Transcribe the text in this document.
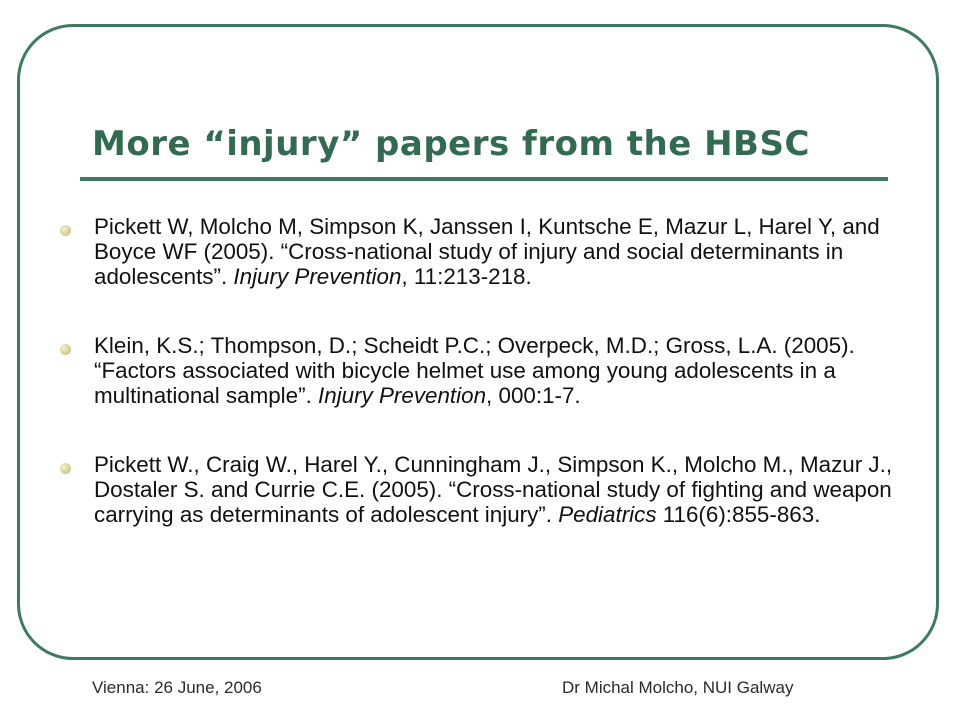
More “injury” papers from the HBSC
Pickett W, Molcho M, Simpson K, Janssen I, Kuntsche E, Mazur L, Harel Y, and Boyce WF (2005). “Cross-national study of injury and social determinants in adolescents”. Injury Prevention, 11:213-218.
Klein, K.S.; Thompson, D.; Scheidt P.C.; Overpeck, M.D.; Gross, L.A. (2005). “Factors associated with bicycle helmet use among young adolescents in a multinational sample”. Injury Prevention, 000:1-7.
Pickett W., Craig W., Harel Y., Cunningham J., Simpson K., Molcho M., Mazur J., Dostaler S. and Currie C.E. (2005). “Cross-national study of fighting and weapon carrying as determinants of adolescent injury”. Pediatrics 116(6):855-863.
Vienna: 26 June, 2006	Dr Michal Molcho, NUI Galway
